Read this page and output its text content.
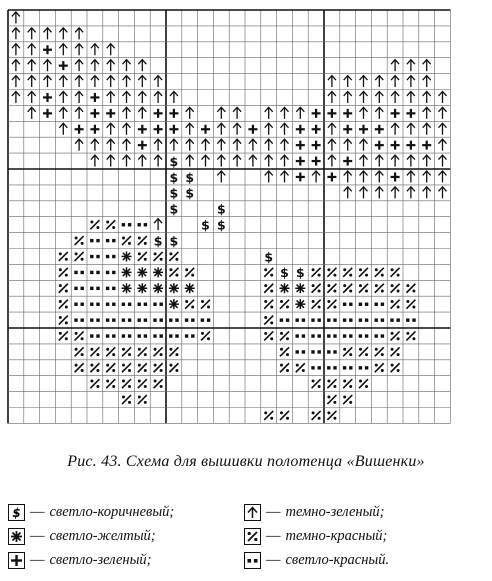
$
$ $
$ $
$	$
$ $
$ $
$
$ $
Рис. 43. Схема для вышивки полотенца «Вишенки»
$ — светло-коричневый;
— светло-желтый;
— светло-зеленый;
— темно-зеленый;
— темно-красный;
— светло-красный.
